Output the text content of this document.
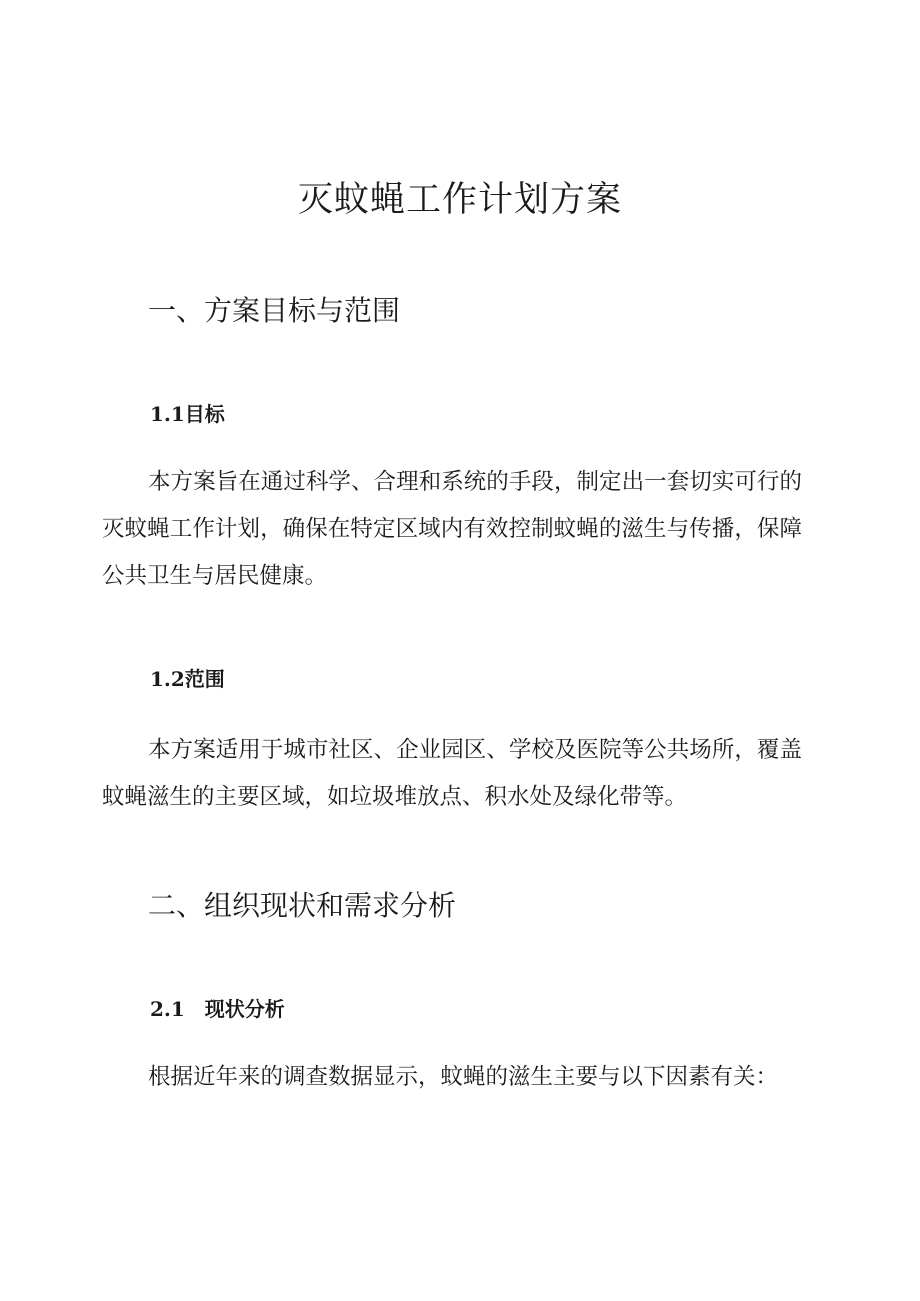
灭蚊蝇工作计划方案
一、方案目标与范围
1.1目标

本方案旨在通过科学、合理和系统的手段，制定出一套切实可行的灭蚊蝇工作计划，确保在特定区域内有效控制蚊蝇的滋生与传播，保障公共卫生与居民健康。

1.2范围

本方案适用于城市社区、企业园区、学校及医院等公共场所，覆盖蚊蝇滋生的主要区域，如垃圾堆放点、积水处及绿化带等。

二、组织现状和需求分析
2.1　现状分析

根据近年来的调查数据显示，蚊蝇的滋生主要与以下因素有关：
